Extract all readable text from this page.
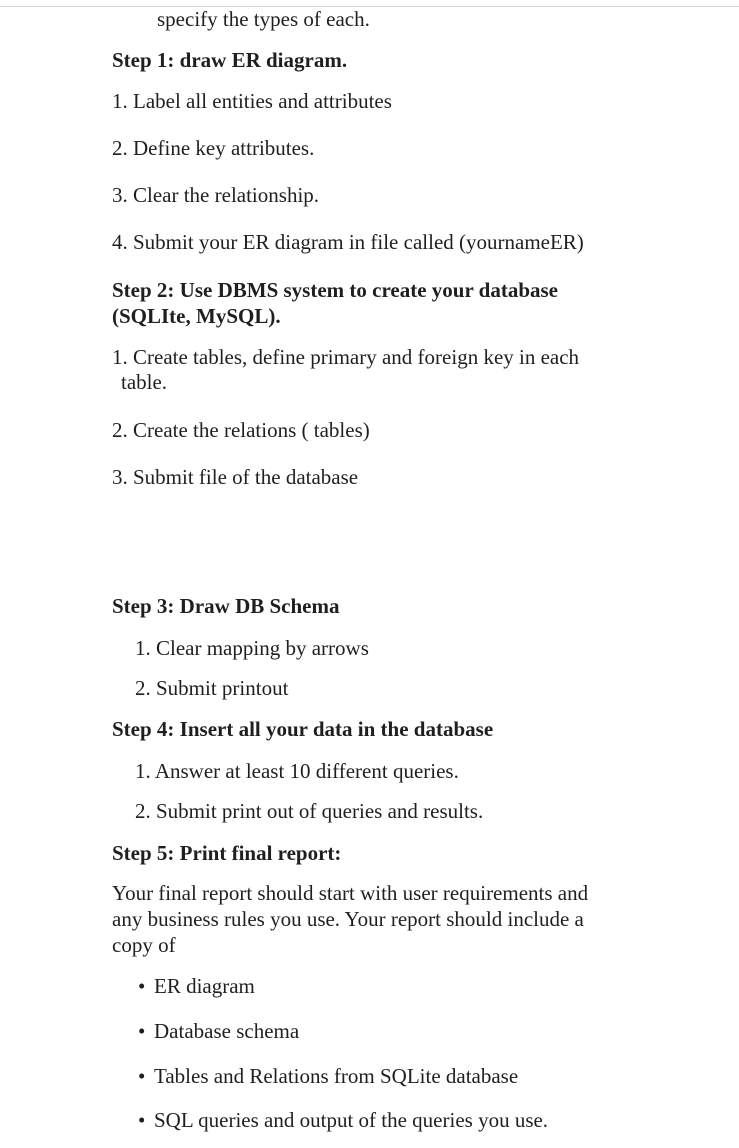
specify the types of each.
Step 1: draw ER diagram.
1. Label all entities and attributes
2. Define key attributes.
3. Clear the relationship.
4. Submit your ER diagram in file called (yournameER)
Step 2: Use DBMS system to create your database
(SQLIte, MySQL).
1. Create tables, define primary and foreign key in each
table.
2. Create the relations ( tables)
3. Submit file of the database
Step 3: Draw DB Schema
1. Clear mapping by arrows
2. Submit printout
Step 4: Insert all your data in the database
1. Answer at least 10 different queries.
2. Submit print out of queries and results.
Step 5: Print final report:
Your final report should start with user requirements and
any business rules you use. Your report should include a
copy of
• ER diagram
• Database schema
• Tables and Relations from SQLite database
• SQL queries and output of the queries you use.
